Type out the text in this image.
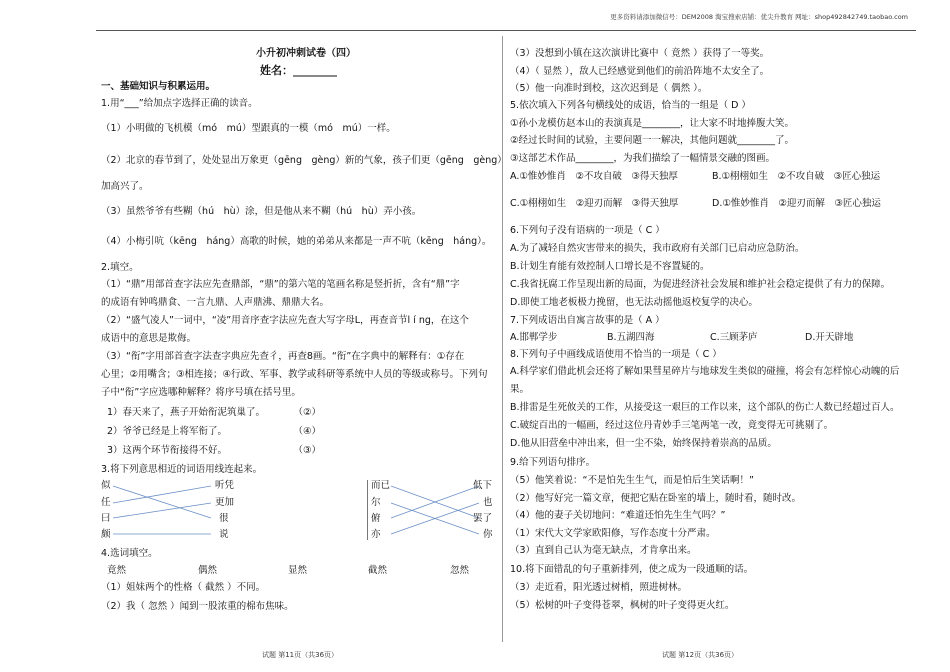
更多资料请添加微信号：DEM2008 淘宝搜索店铺：优尖升教育 网址：shop492842749.taobao.com
小升初冲刺试卷（四）
姓名：________
一、基础知识与积累运用。
1.用“___”给加点字选择正确的读音。
（1）小明做的飞机模（mó　mú）型跟真的一模（mó　mú）一样。
（2）北京的春节到了，处处显出万象更（gēng　gèng）新的气象，孩子们更（gēng　gèng）
加高兴了。
（3）虽然爷爷有些糊（hú　hù）涂，但是他从来不糊（hú　hù）弄小孩。
（4）小梅引吭（kēng　háng）高歌的时候，她的弟弟从来都是一声不吭（kēng　háng）。
2.填空。
（1）“鼎”用部首查字法应先查鼎部，“鼎”的第六笔的笔画名称是竖折折，含有“鼎”字
的成语有钟鸣鼎食、一言九鼎、人声鼎沸、鼎鼎大名。
（2）“盛气凌人”一词中，“凌”用音序查字法应先查大写字母L，再查音节l í ng，在这个
成语中的意思是欺侮。
（3）“衔”字用部首查字法查字典应先查彳，再查8画。“衔”在字典中的解释有：①存在
心里；②用嘴含；③相连接；④行政、军事、教学或科研等系统中人员的等级或称号。下列句
子中“衔”字应选哪种解释？将序号填在括号里。
1）春天来了，燕子开始衔泥筑巢了。　　　　（②）
2）爷爷已经是上将军衔了。　　　　　　　　（④）
3）这两个环节衔接得不好。　　　　　　　　（③）
3.将下列意思相近的词语用线连起来。
似
任
曰
颇
听凭
更加
很
说
而已
尔
俯
亦
低下
也
罢了
你
4.选词填空。
竟然	偶然	显然	截然	忽然
（1）姐妹两个的性格（ 截然 ）不同。
（2）我（ 忽然 ）闻到一股浓重的棉布焦味。
试题 第11页（共36页）
（3）没想到小镇在这次演讲比赛中（ 竟然 ）获得了一等奖。
（4）（ 显然 ），敌人已经感觉到他们的前沿阵地不太安全了。
（5）他一向准时到校，这次迟到是（ 偶然 ）。
5.依次填入下列各句横线处的成语，恰当的一组是（ D ）
①孙小龙模仿赵本山的表演真是________，让大家不时地捧腹大笑。
②经过长时间的试验，主要问题一一解决，其他问题就________了。
③这部艺术作品________，为我们描绘了一幅情景交融的图画。
A.①惟妙惟肖　②不攻自破　③得天独厚	B.①栩栩如生　②不攻自破　③匠心独运
C.①栩栩如生　②迎刃而解　③得天独厚	D.①惟妙惟肖　②迎刃而解　③匠心独运
6.下列句子没有语病的一项是（ C ）
A.为了减轻自然灾害带来的损失，我市政府有关部门已启动应急防治。
B.计划生育能有效控制人口增长是不容置疑的。
C.我省抚腐工作呈现出新的局面，为促进经济社会发展和维护社会稳定提供了有力的保障。
D.即使工地老板极力挽留，也无法动摇他返校复学的决心。
7.下列成语出自寓言故事的是（ A ）
A.邯郸学步	B.五湖四海	C.三顾茅庐	D.开天辟地
8.下列句子中画线成语使用不恰当的一项是（ C ）
A.科学家们借此机会还将了解如果彗星碎片与地球发生类似的碰撞，将会有怎样惊心动魄的后
果。
B.排雷是生死攸关的工作，从接受这一艰巨的工作以来，这个部队的伤亡人数已经超过百人。
C.破绽百出的一幅画，经过这位丹青妙手三笔两笔一改，竟变得无可挑剔了。
D.他从旧营垒中冲出来，但一尘不染，始终保持着崇高的品质。
9.给下列语句排序。
（5）他笑着说：“不是怕先生生气，而是怕后生笑话啊！”
（2）他写好完一篇文章，便把它贴在卧室的墙上，随时看，随时改。
（4）他的妻子关切地问：“难道还怕先生生气吗？”
（1）宋代大文学家欧阳修，写作态度十分严肃。
（3）直到自己认为毫无缺点，才肯拿出来。
10.将下面错乱的句子重新排列，使之成为一段通顺的话。
（3）走近看，阳光透过树梢，照进树林。
（5）松树的叶子变得苍翠，枫树的叶子变得更火红。
试题 第12页（共36页）
